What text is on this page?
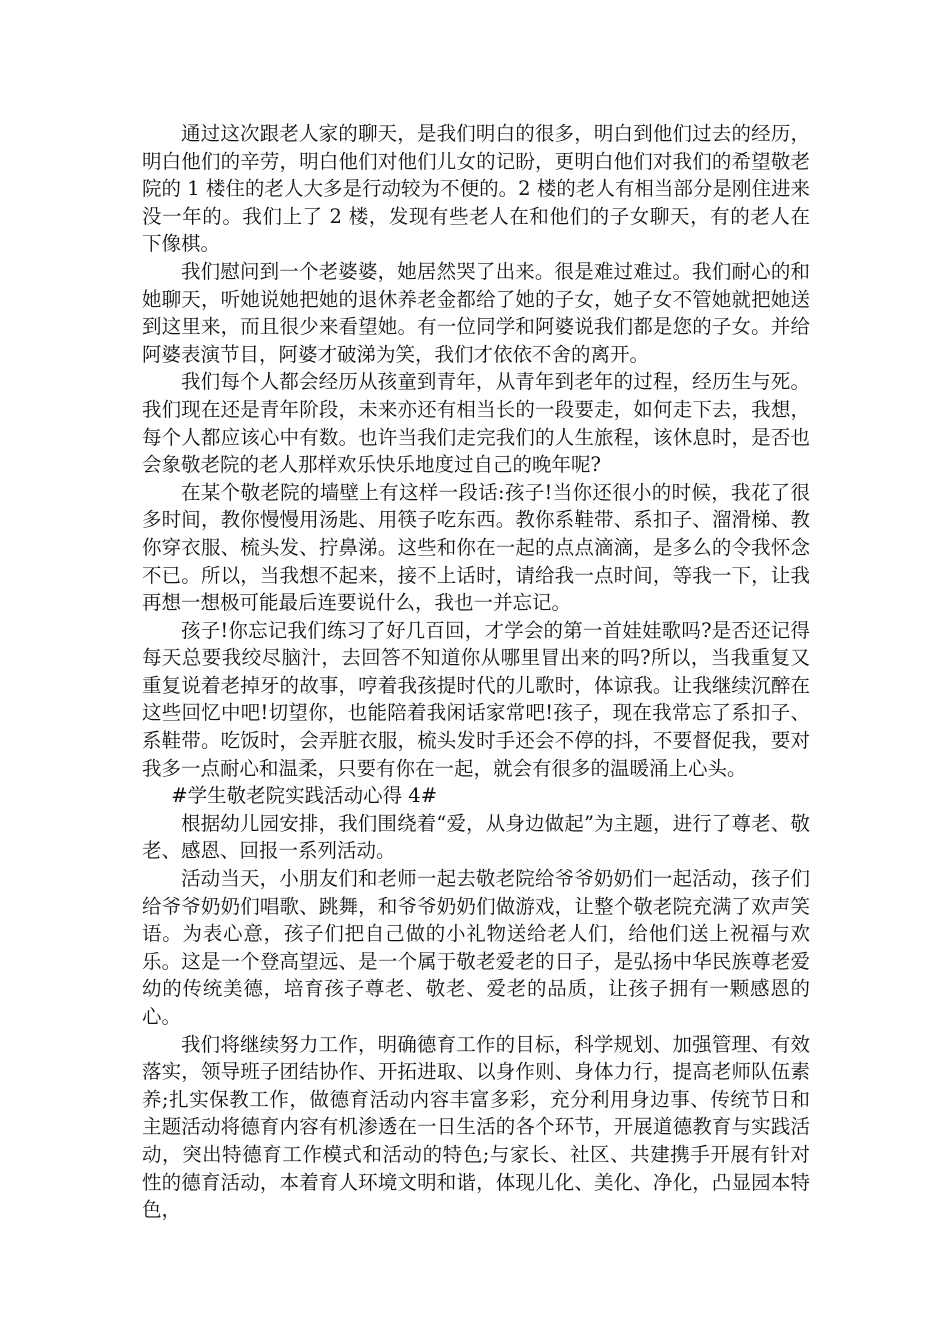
通过这次跟老人家的聊天，是我们明白的很多，明白到他们过去的经历，明白他们的辛劳，明白他们对他们儿女的记盼，更明白他们对我们的希望敬老院的 1 楼住的老人大多是行动较为不便的。2 楼的老人有相当部分是刚住进来没一年的。我们上了 2 楼，发现有些老人在和他们的子女聊天，有的老人在下像棋。

我们慰问到一个老婆婆，她居然哭了出来。很是难过难过。我们耐心的和她聊天，听她说她把她的退休养老金都给了她的子女，她子女不管她就把她送到这里来，而且很少来看望她。有一位同学和阿婆说我们都是您的子女。并给阿婆表演节目，阿婆才破涕为笑，我们才依依不舍的离开。

我们每个人都会经历从孩童到青年，从青年到老年的过程，经历生与死。我们现在还是青年阶段，未来亦还有相当长的一段要走，如何走下去，我想，每个人都应该心中有数。也许当我们走完我们的人生旅程，该休息时，是否也会象敬老院的老人那样欢乐快乐地度过自己的晚年呢?

在某个敬老院的墙壁上有这样一段话:孩子!当你还很小的时候，我花了很多时间，教你慢慢用汤匙、用筷子吃东西。教你系鞋带、系扣子、溜滑梯、教你穿衣服、梳头发、拧鼻涕。这些和你在一起的点点滴滴，是多么的令我怀念不已。所以，当我想不起来，接不上话时，请给我一点时间，等我一下，让我再想一想极可能最后连要说什么，我也一并忘记。

孩子!你忘记我们练习了好几百回，才学会的第一首娃娃歌吗?是否还记得每天总要我绞尽脑汁，去回答不知道你从哪里冒出来的吗?所以，当我重复又重复说着老掉牙的故事，哼着我孩提时代的儿歌时，体谅我。让我继续沉醉在这些回忆中吧!切望你，也能陪着我闲话家常吧!孩子，现在我常忘了系扣子、系鞋带。吃饭时，会弄脏衣服，梳头发时手还会不停的抖，不要督促我，要对我多一点耐心和温柔，只要有你在一起，就会有很多的温暖涌上心头。

#学生敬老院实践活动心得 4#

根据幼儿园安排，我们围绕着“爱，从身边做起”为主题，进行了尊老、敬老、感恩、回报一系列活动。

活动当天，小朋友们和老师一起去敬老院给爷爷奶奶们一起活动，孩子们给爷爷奶奶们唱歌、跳舞，和爷爷奶奶们做游戏，让整个敬老院充满了欢声笑语。为表心意，孩子们把自己做的小礼物送给老人们，给他们送上祝福与欢乐。这是一个登高望远、是一个属于敬老爱老的日子，是弘扬中华民族尊老爱幼的传统美德，培育孩子尊老、敬老、爱老的品质，让孩子拥有一颗感恩的心。

我们将继续努力工作，明确德育工作的目标，科学规划、加强管理、有效落实，领导班子团结协作、开拓进取、以身作则、身体力行，提高老师队伍素养;扎实保教工作，做德育活动内容丰富多彩，充分利用身边事、传统节日和主题活动将德育内容有机渗透在一日生活的各个环节，开展道德教育与实践活动，突出特德育工作模式和活动的特色;与家长、社区、共建携手开展有针对性的德育活动，本着育人环境文明和谐，体现儿化、美化、净化，凸显园本特色，
